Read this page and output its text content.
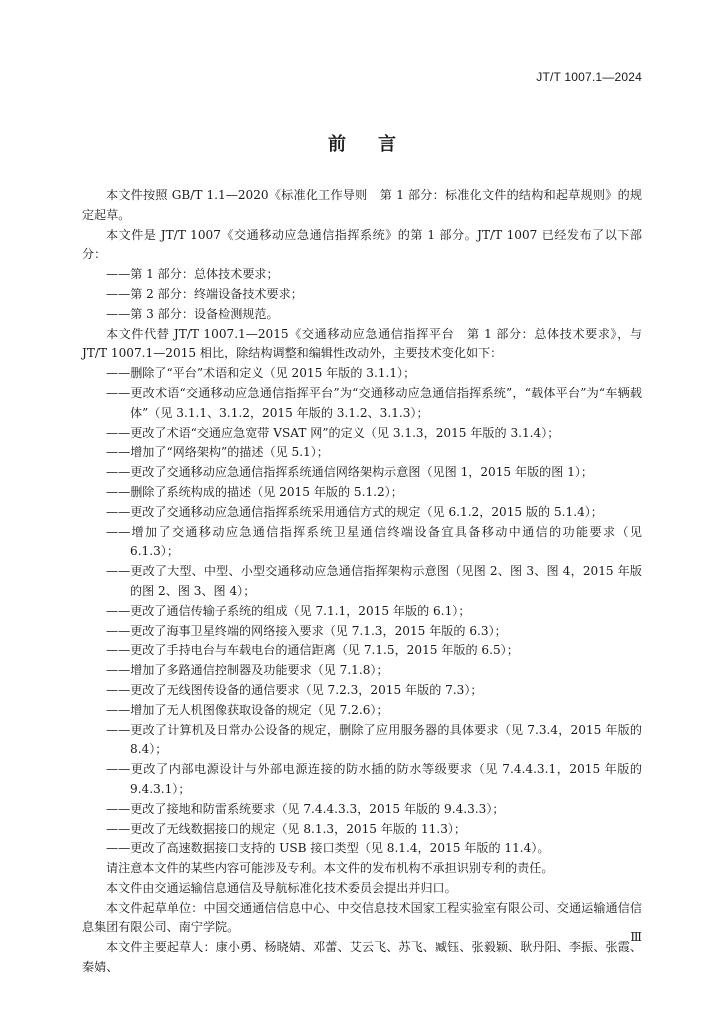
JT/T 1007.1—2024
前言

本文件按照 GB/T 1.1—2020《标准化工作导则　第 1 部分：标准化文件的结构和起草规则》的规定起草。

本文件是 JT/T 1007《交通移动应急通信指挥系统》的第 1 部分。JT/T 1007 已经发布了以下部分：

——第 1 部分：总体技术要求；

——第 2 部分：终端设备技术要求；

——第 3 部分：设备检测规范。

本文件代替 JT/T 1007.1—2015《交通移动应急通信指挥平台　第 1 部分：总体技术要求》，与 JT/T 1007.1—2015 相比，除结构调整和编辑性改动外，主要技术变化如下：

——删除了“平台”术语和定义（见 2015 年版的 3.1.1）；

——更改术语“交通移动应急通信指挥平台”为“交通移动应急通信指挥系统”，“载体平台”为“车辆载体”（见 3.1.1、3.1.2，2015 年版的 3.1.2、3.1.3）；

——更改了术语“交通应急宽带 VSAT 网”的定义（见 3.1.3，2015 年版的 3.1.4）；

——增加了“网络架构”的描述（见 5.1）；

——更改了交通移动应急通信指挥系统通信网络架构示意图（见图 1，2015 年版的图 1）；

——删除了系统构成的描述（见 2015 年版的 5.1.2）；

——更改了交通移动应急通信指挥系统采用通信方式的规定（见 6.1.2，2015 版的 5.1.4）；

——增加了交通移动应急通信指挥系统卫星通信终端设备宜具备移动中通信的功能要求（见 6.1.3）；

——更改了大型、中型、小型交通移动应急通信指挥架构示意图（见图 2、图 3、图 4，2015 年版的图 2、图 3、图 4）；

——更改了通信传输子系统的组成（见 7.1.1，2015 年版的 6.1）；

——更改了海事卫星终端的网络接入要求（见 7.1.3，2015 年版的 6.3）；

——更改了手持电台与车载电台的通信距离（见 7.1.5，2015 年版的 6.5）；

——增加了多路通信控制器及功能要求（见 7.1.8）；

——更改了无线图传设备的通信要求（见 7.2.3，2015 年版的 7.3）；

——增加了无人机图像获取设备的规定（见 7.2.6）；

——更改了计算机及日常办公设备的规定，删除了应用服务器的具体要求（见 7.3.4，2015 年版的 8.4）；

——更改了内部电源设计与外部电源连接的防水插的防水等级要求（见 7.4.4.3.1，2015 年版的 9.4.3.1）；

——更改了接地和防雷系统要求（见 7.4.4.3.3，2015 年版的 9.4.3.3）；

——更改了无线数据接口的规定（见 8.1.3，2015 年版的 11.3）；

——更改了高速数据接口支持的 USB 接口类型（见 8.1.4，2015 年版的 11.4）。

请注意本文件的某些内容可能涉及专利。本文件的发布机构不承担识别专利的责任。

本文件由交通运输信息通信及导航标准化技术委员会提出并归口。

本文件起草单位：中国交通通信信息中心、中交信息技术国家工程实验室有限公司、交通运输通信信息集团有限公司、南宁学院。

本文件主要起草人：康小勇、杨晓婧、邓蕾、艾云飞、苏飞、臧钰、张毅颖、耿丹阳、李振、张霞、秦婧、

Ⅲ
